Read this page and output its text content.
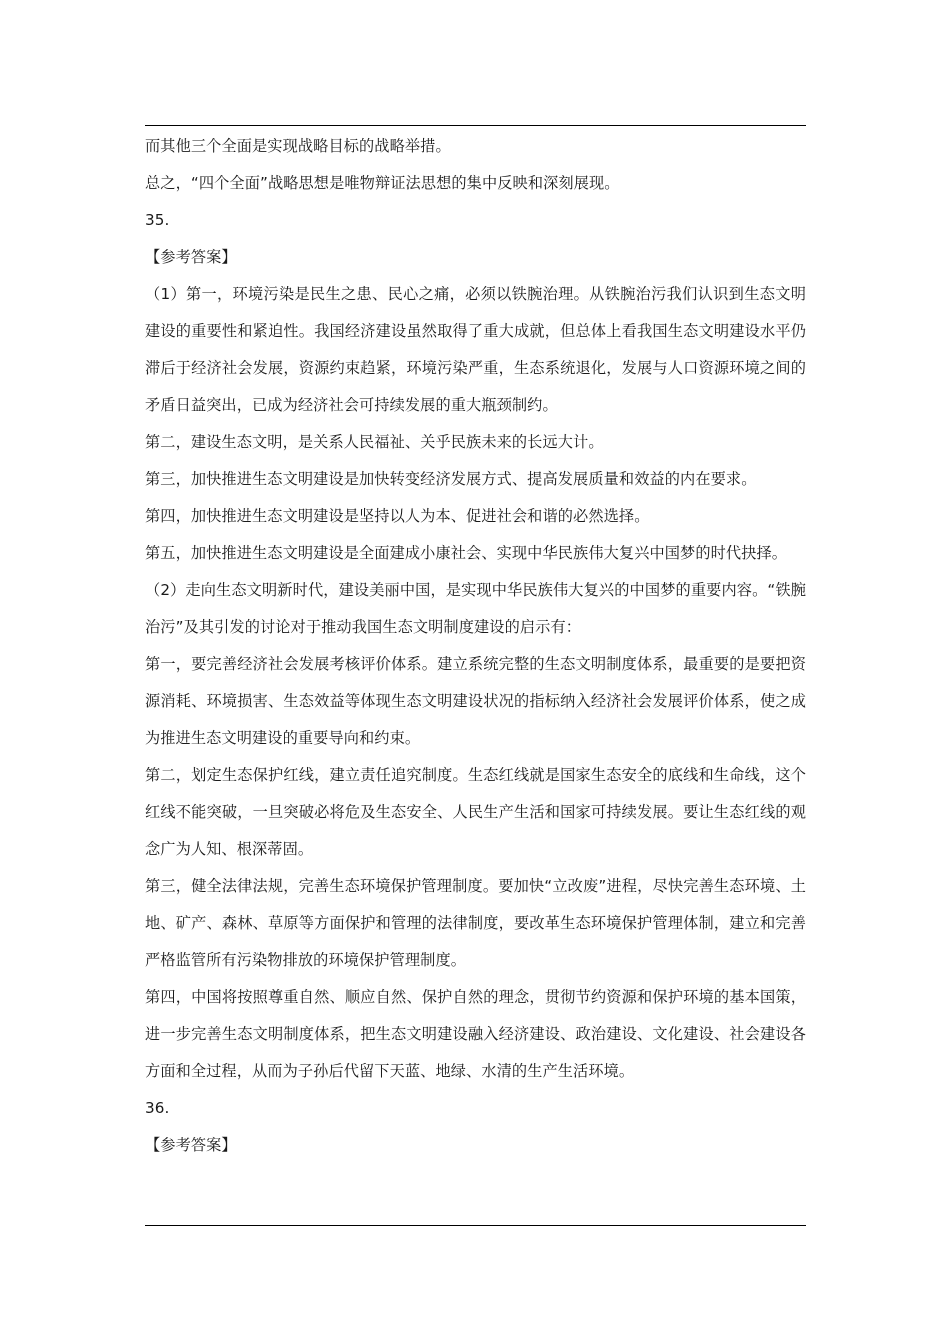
而其他三个全面是实现战略目标的战略举措。

总之，“四个全面”战略思想是唯物辩证法思想的集中反映和深刻展现。

35.

【参考答案】

（1）第一，环境污染是民生之患、民心之痛，必须以铁腕治理。从铁腕治污我们认识到生态文明建设的重要性和紧迫性。我国经济建设虽然取得了重大成就，但总体上看我国生态文明建设水平仍滞后于经济社会发展，资源约束趋紧，环境污染严重，生态系统退化，发展与人口资源环境之间的矛盾日益突出，已成为经济社会可持续发展的重大瓶颈制约。

第二，建设生态文明，是关系人民福祉、关乎民族未来的长远大计。

第三，加快推进生态文明建设是加快转变经济发展方式、提高发展质量和效益的内在要求。

第四，加快推进生态文明建设是坚持以人为本、促进社会和谐的必然选择。

第五，加快推进生态文明建设是全面建成小康社会、实现中华民族伟大复兴中国梦的时代抉择。

（2）走向生态文明新时代，建设美丽中国，是实现中华民族伟大复兴的中国梦的重要内容。“铁腕治污”及其引发的讨论对于推动我国生态文明制度建设的启示有：

第一，要完善经济社会发展考核评价体系。建立系统完整的生态文明制度体系，最重要的是要把资源消耗、环境损害、生态效益等体现生态文明建设状况的指标纳入经济社会发展评价体系，使之成为推进生态文明建设的重要导向和约束。

第二，划定生态保护红线，建立责任追究制度。生态红线就是国家生态安全的底线和生命线，这个红线不能突破，一旦突破必将危及生态安全、人民生产生活和国家可持续发展。要让生态红线的观念广为人知、根深蒂固。

第三，健全法律法规，完善生态环境保护管理制度。要加快“立改废”进程，尽快完善生态环境、土地、矿产、森林、草原等方面保护和管理的法律制度，要改革生态环境保护管理体制，建立和完善严格监管所有污染物排放的环境保护管理制度。

第四，中国将按照尊重自然、顺应自然、保护自然的理念，贯彻节约资源和保护环境的基本国策，进一步完善生态文明制度体系，把生态文明建设融入经济建设、政治建设、文化建设、社会建设各方面和全过程，从而为子孙后代留下天蓝、地绿、水清的生产生活环境。

36.

【参考答案】
